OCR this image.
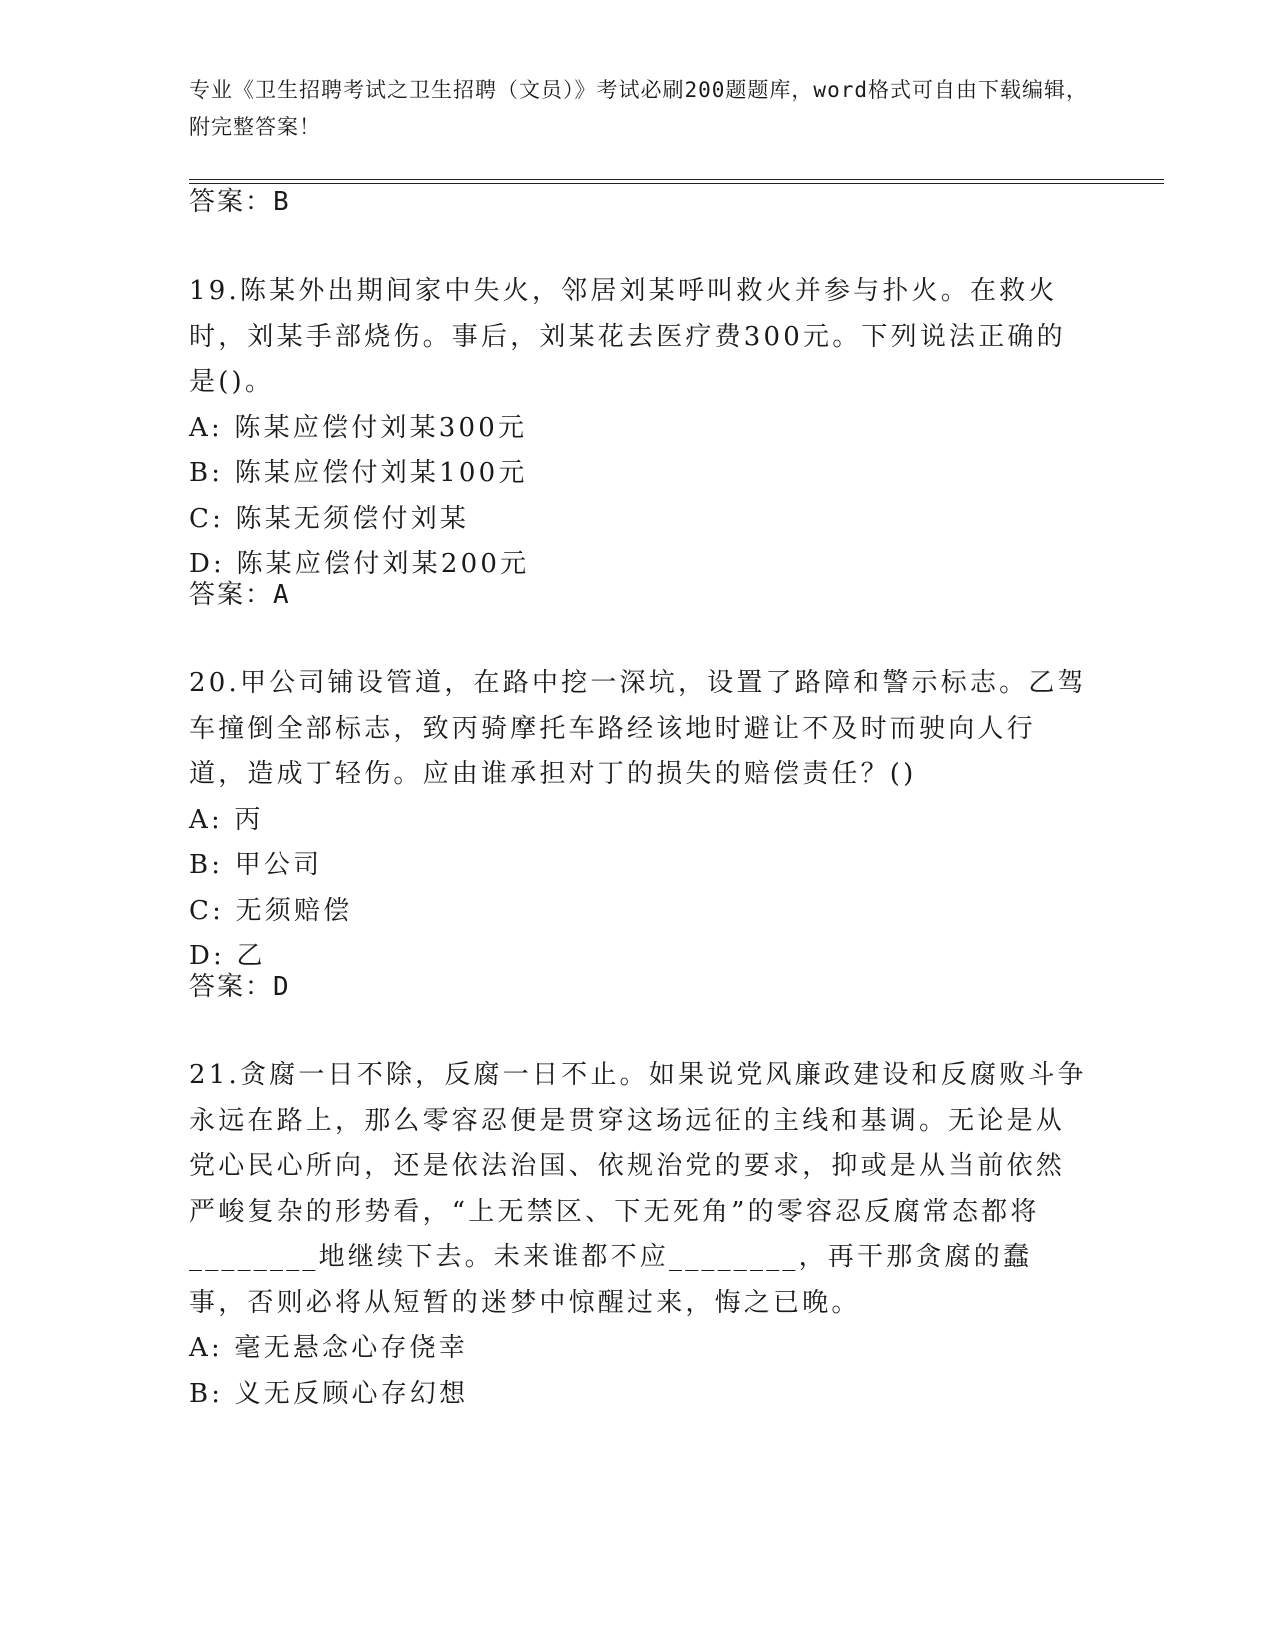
专业《卫生招聘考试之卫生招聘（文员）》考试必刷200题题库，word格式可自由下载编辑，附完整答案！
答案：B

19.陈某外出期间家中失火，邻居刘某呼叫救火并参与扑火。在救火时，刘某手部烧伤。事后，刘某花去医疗费300元。下列说法正确的是()。

A: 陈某应偿付刘某300元

B: 陈某应偿付刘某100元

C: 陈某无须偿付刘某

D: 陈某应偿付刘某200元

答案：A

20.甲公司铺设管道，在路中挖一深坑，设置了路障和警示标志。乙驾车撞倒全部标志，致丙骑摩托车路经该地时避让不及时而驶向人行道，造成丁轻伤。应由谁承担对丁的损失的赔偿责任？()

A: 丙

B: 甲公司

C: 无须赔偿

D: 乙

答案：D

21.贪腐一日不除，反腐一日不止。如果说党风廉政建设和反腐败斗争永远在路上，那么零容忍便是贯穿这场远征的主线和基调。无论是从党心民心所向，还是依法治国、依规治党的要求，抑或是从当前依然严峻复杂的形势看，“上无禁区、下无死角”的零容忍反腐常态都将________地继续下去。未来谁都不应________，再干那贪腐的蠢事，否则必将从短暂的迷梦中惊醒过来，悔之已晚。

A: 毫无悬念心存侥幸

B: 义无反顾心存幻想
